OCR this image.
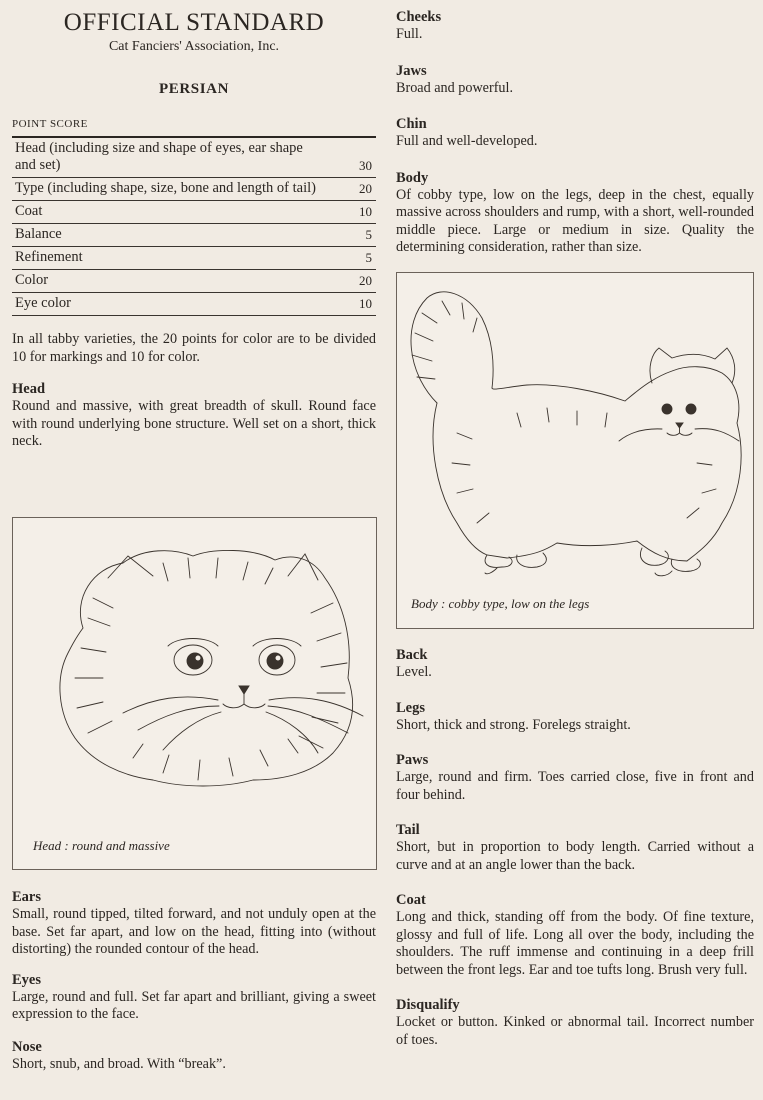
OFFICIAL STANDARD

Cat Fanciers' Association, Inc.

PERSIAN

POINT SCORE
Head (including size and shape of eyes, ear shape and set)	30
Type (including shape, size, bone and length of tail)	20
Coat	10
Balance	5
Refinement	5
Color	20
Eye color	10

In all tabby varieties, the 20 points for color are to be divided 10 for markings and 10 for color.

Head

Round and massive, with great breadth of skull. Round face with round underlying bone structure. Well set on a short, thick neck.

Head : round and massive

Ears

Small, round tipped, tilted forward, and not unduly open at the base. Set far apart, and low on the head, fitting into (without distorting) the rounded contour of the head.

Eyes

Large, round and full. Set far apart and brilliant, giving a sweet expression to the face.

Nose

Short, snub, and broad. With “break”.

Cheeks

Full.

Jaws

Broad and powerful.

Chin

Full and well-developed.

Body

Of cobby type, low on the legs, deep in the chest, equally massive across shoulders and rump, with a short, well-rounded middle piece. Large or medium in size. Quality the determining consideration, rather than size.

Body : cobby type, low on the legs

Back

Level.

Legs

Short, thick and strong. Forelegs straight.

Paws

Large, round and firm. Toes carried close, five in front and four behind.

Tail

Short, but in proportion to body length. Carried without a curve and at an angle lower than the back.

Coat

Long and thick, standing off from the body. Of fine texture, glossy and full of life. Long all over the body, including the shoulders. The ruff immense and continuing in a deep frill between the front legs. Ear and toe tufts long. Brush very full.

Disqualify

Locket or button. Kinked or abnormal tail. Incorrect number of toes.
